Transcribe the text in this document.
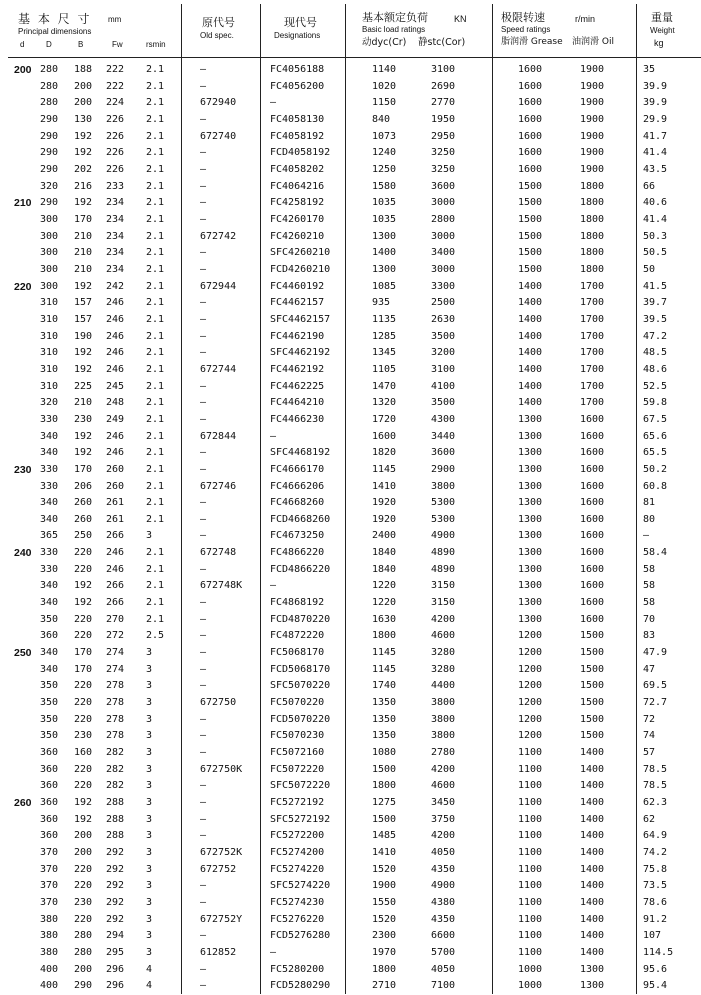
基 本 尺 寸 mm
Principal dimensions
d	D	B	Fw	rsmin
原代号
Old spec.
现代号
Designations
基本额定负荷	KN
Basic load ratings
动dyc(Cr) 静stc(Cor)
极限转速	r/min
Speed ratings
脂润滑 Grease 油润滑 Oil
重量
Weight
kg
200 280 188 222 2.1	–	FC4056188	1140	3100	1600	1900	35
280 200 222 2.1	–	FC4056200	1020	2690	1600	1900	39.9
280 200 224 2.1	672940	–	1150	2770	1600	1900	39.9
290 130 226 2.1	–	FC4058130	840	1950	1600	1900	29.9
290 192 226 2.1	672740	FC4058192	1073	2950	1600	1900	41.7
290 192 226 2.1	–	FCD4058192	1240	3250	1600	1900	41.4
290 202 226 2.1	–	FC4058202	1250	3250	1600	1900	43.5
320 216 233 2.1	–	FC4064216	1580	3600	1500	1800	66
210 290 192 234 2.1	–	FC4258192	1035	3000	1500	1800	40.6
300 170 234 2.1	–	FC4260170	1035	2800	1500	1800	41.4
300 210 234 2.1	672742	FC4260210	1300	3000	1500	1800	50.3
300 210 234 2.1	–	SFC4260210	1400	3400	1500	1800	50.5
300 210 234 2.1	–	FCD4260210	1300	3000	1500	1800	50
220 300 192 242 2.1	672944	FC4460192	1085	3300	1400	1700	41.5
310 157 246 2.1	–	FC4462157	935	2500	1400	1700	39.7
310 157 246 2.1	–	SFC4462157	1135	2630	1400	1700	39.5
310 190 246 2.1	–	FC4462190	1285	3500	1400	1700	47.2
310 192 246 2.1	–	SFC4462192	1345	3200	1400	1700	48.5
310 192 246 2.1	672744	FC4462192	1105	3100	1400	1700	48.6
310 225 245 2.1	–	FC4462225	1470	4100	1400	1700	52.5
320 210 248 2.1	–	FC4464210	1320	3500	1400	1700	59.8
330 230 249 2.1	–	FC4466230	1720	4300	1300	1600	67.5
340 192 246 2.1	672844	–	1600	3440	1300	1600	65.6
340 192 246 2.1	–	SFC4468192	1820	3600	1300	1600	65.5
230 330 170 260 2.1	–	FC4666170	1145	2900	1300	1600	50.2
330 206 260 2.1	672746	FC4666206	1410	3800	1300	1600	60.8
340 260 261 2.1	–	FC4668260	1920	5300	1300	1600	81
340 260 261 2.1	–	FCD4668260	1920	5300	1300	1600	80
365 250 266 3	–	FC4673250	2400	4900	1300	1600	–
240 330 220 246 2.1	672748	FC4866220	1840	4890	1300	1600	58.4
330 220 246 2.1	–	FCD4866220	1840	4890	1300	1600	58
340 192 266 2.1	672748K	–	1220	3150	1300	1600	58
340 192 266 2.1	–	FC4868192	1220	3150	1300	1600	58
350 220 270 2.1	–	FCD4870220	1630	4200	1300	1600	70
360 220 272 2.5	–	FC4872220	1800	4600	1200	1500	83
250 340 170 274 3	–	FC5068170	1145	3280	1200	1500	47.9
340 170 274 3	–	FCD5068170	1145	3280	1200	1500	47
350 220 278 3	–	SFC5070220	1740	4400	1200	1500	69.5
350 220 278 3	672750	FC5070220	1350	3800	1200	1500	72.7
350 220 278 3	–	FCD5070220	1350	3800	1200	1500	72
350 230 278 3	–	FC5070230	1350	3800	1200	1500	74
360 160 282 3	–	FC5072160	1080	2780	1100	1400	57
360 220 282 3	672750K	FC5072220	1500	4200	1100	1400	78.5
360 220 282 3	–	SFC5072220	1800	4600	1100	1400	78.5
260 360 192 288 3	–	FC5272192	1275	3450	1100	1400	62.3
360 192 288 3	–	SFC5272192	1500	3750	1100	1400	62
360 200 288 3	–	FC5272200	1485	4200	1100	1400	64.9
370 200 292 3	672752K	FC5274200	1410	4050	1100	1400	74.2
370 220 292 3	672752	FC5274220	1520	4350	1100	1400	75.8
370 220 292 3	–	SFC5274220	1900	4900	1100	1400	73.5
370 230 292 3	–	FC5274230	1550	4380	1100	1400	78.6
380 220 292 3	672752Y	FC5276220	1520	4350	1100	1400	91.2
380 280 294 3	–	FCD5276280	2300	6600	1100	1400	107
380 280 295 3	612852	–	1970	5700	1100	1400	114.5
400 200 296 4	–	FC5280200	1800	4050	1000	1300	95.6
400 290 296 4	–	FCD5280290	2710	7100	1000	1300	95.4
